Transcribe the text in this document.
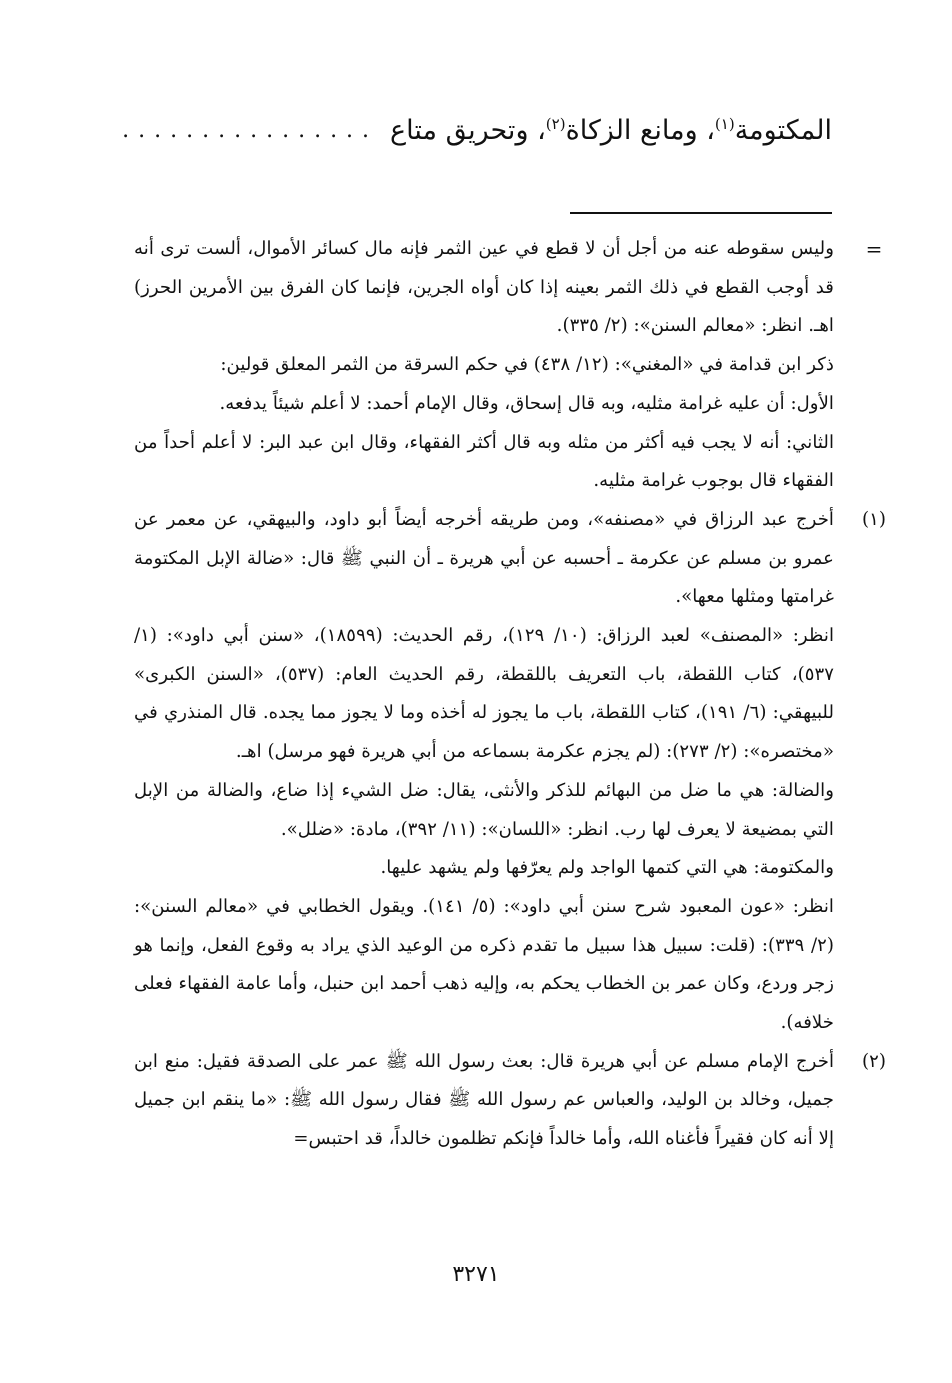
المكتومة$^{(١)}$، ومانع الزكاة$^{(٢)}$، وتحريق متاع
................
=

وليس سقوطه عنه من أجل أن لا قطع في عين الثمر فإنه مال كسائر الأموال، ألست ترى أنه قد أوجب القطع في ذلك الثمر بعينه إذا كان أواه الجرين، فإنما كان الفرق بين الأمرين الحرز) اهـ. انظر: «معالم السنن»: (٢/ ٣٣٥).

ذكر ابن قدامة في «المغني»: (١٢/ ٤٣٨) في حكم السرقة من الثمر المعلق قولين:

الأول: أن عليه غرامة مثليه، وبه قال إسحاق، وقال الإمام أحمد: لا أعلم شيئاً يدفعه.

الثاني: أنه لا يجب فيه أكثر من مثله وبه قال أكثر الفقهاء، وقال ابن عبد البر: لا أعلم أحداً من الفقهاء قال بوجوب غرامة مثليه.

(١)

أخرج عبد الرزاق في «مصنفه»، ومن طريقه أخرجه أيضاً أبو داود، والبيهقي، عن معمر عن عمرو بن مسلم عن عكرمة ـ أحسبه عن أبي هريرة ـ أن النبي ﷺ قال: «ضالة الإبل المكتومة غرامتها ومثلها معها».

انظر: «المصنف» لعبد الرزاق: (١٠/ ١٢٩)، رقم الحديث: (١٨٥٩٩)، «سنن أبي داود»: (١/ ٥٣٧)، كتاب اللقطة، باب التعريف باللقطة، رقم الحديث العام: (٥٣٧)، «السنن الكبرى» للبيهقي: (٦/ ١٩١)، كتاب اللقطة، باب ما يجوز له أخذه وما لا يجوز مما يجده. قال المنذري في «مختصره»: (٢/ ٢٧٣): (لم يجزم عكرمة بسماعه من أبي هريرة فهو مرسل) اهـ.

والضالة: هي ما ضل من البهائم للذكر والأنثى، يقال: ضل الشيء إذا ضاع، والضالة من الإبل التي بمضيعة لا يعرف لها رب. انظر: «اللسان»: (١١/ ٣٩٢)، مادة: «ضلل».

والمكتومة: هي التي كتمها الواجد ولم يعرّفها ولم يشهد عليها.

انظر: «عون المعبود شرح سنن أبي داود»: (٥/ ١٤١). ويقول الخطابي في «معالم السنن»: (٢/ ٣٣٩): (قلت: سبيل هذا سبيل ما تقدم ذكره من الوعيد الذي يراد به وقوع الفعل، وإنما هو زجر وردع، وكان عمر بن الخطاب يحكم به، وإليه ذهب أحمد ابن حنبل، وأما عامة الفقهاء فعلى خلافه).

(٢)

أخرج الإمام مسلم عن أبي هريرة قال: بعث رسول الله ﷺ عمر على الصدقة فقيل: منع ابن جميل، وخالد بن الوليد، والعباس عم رسول الله ﷺ فقال رسول الله ﷺ: «ما ينقم ابن جميل إلا أنه كان فقيراً فأغناه الله، وأما خالداً فإنكم تظلمون خالداً، قد احتبس=

٣٢٧١
